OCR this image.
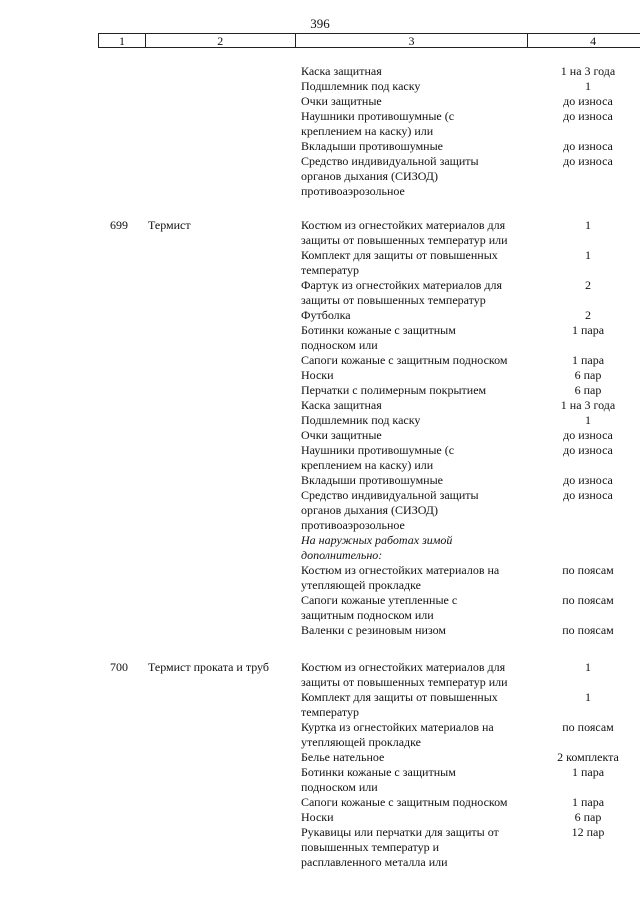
396
1	2	3	4
Каска защитная	1 на 3 года
Подшлемник под каску	1
Очки защитные	до износа
Наушники противошумные (с	до износа
креплением на каску) или
Вкладыши противошумные	до износа
Средство индивидуальной защиты	до износа
органов дыхания (СИЗОД)
противоаэрозольное
699 Термист	Костюм из огнестойких материалов для	1
защиты от повышенных температур или
Комплект для защиты от повышенных	1
температур
Фартук из огнестойких материалов для	2
защиты от повышенных температур
Футболка	2
Ботинки кожаные с защитным	1 пара
подноском или
Сапоги кожаные с защитным подноском	1 пара
Носки	6 пар
Перчатки с полимерным покрытием	6 пар
Каска защитная	1 на 3 года
Подшлемник под каску	1
Очки защитные	до износа
Наушники противошумные (с	до износа
креплением на каску) или
Вкладыши противошумные	до износа
Средство индивидуальной защиты	до износа
органов дыхания (СИЗОД)
противоаэрозольное
На наружных работах зимой
дополнительно:
Костюм из огнестойких материалов на	по поясам
утепляющей прокладке
Сапоги кожаные утепленные с	по поясам
защитным подноском или
Валенки с резиновым низом	по поясам
700 Термист проката и труб	Костюм из огнестойких материалов для	1
защиты от повышенных температур или
Комплект для защиты от повышенных	1
температур
Куртка из огнестойких материалов на	по поясам
утепляющей прокладке
Белье нательное	2 комплекта
Ботинки кожаные с защитным	1 пара
подноском или
Сапоги кожаные с защитным подноском	1 пара
Носки	6 пар
Рукавицы или перчатки для защиты от	12 пар
повышенных температур и
расплавленного металла или
